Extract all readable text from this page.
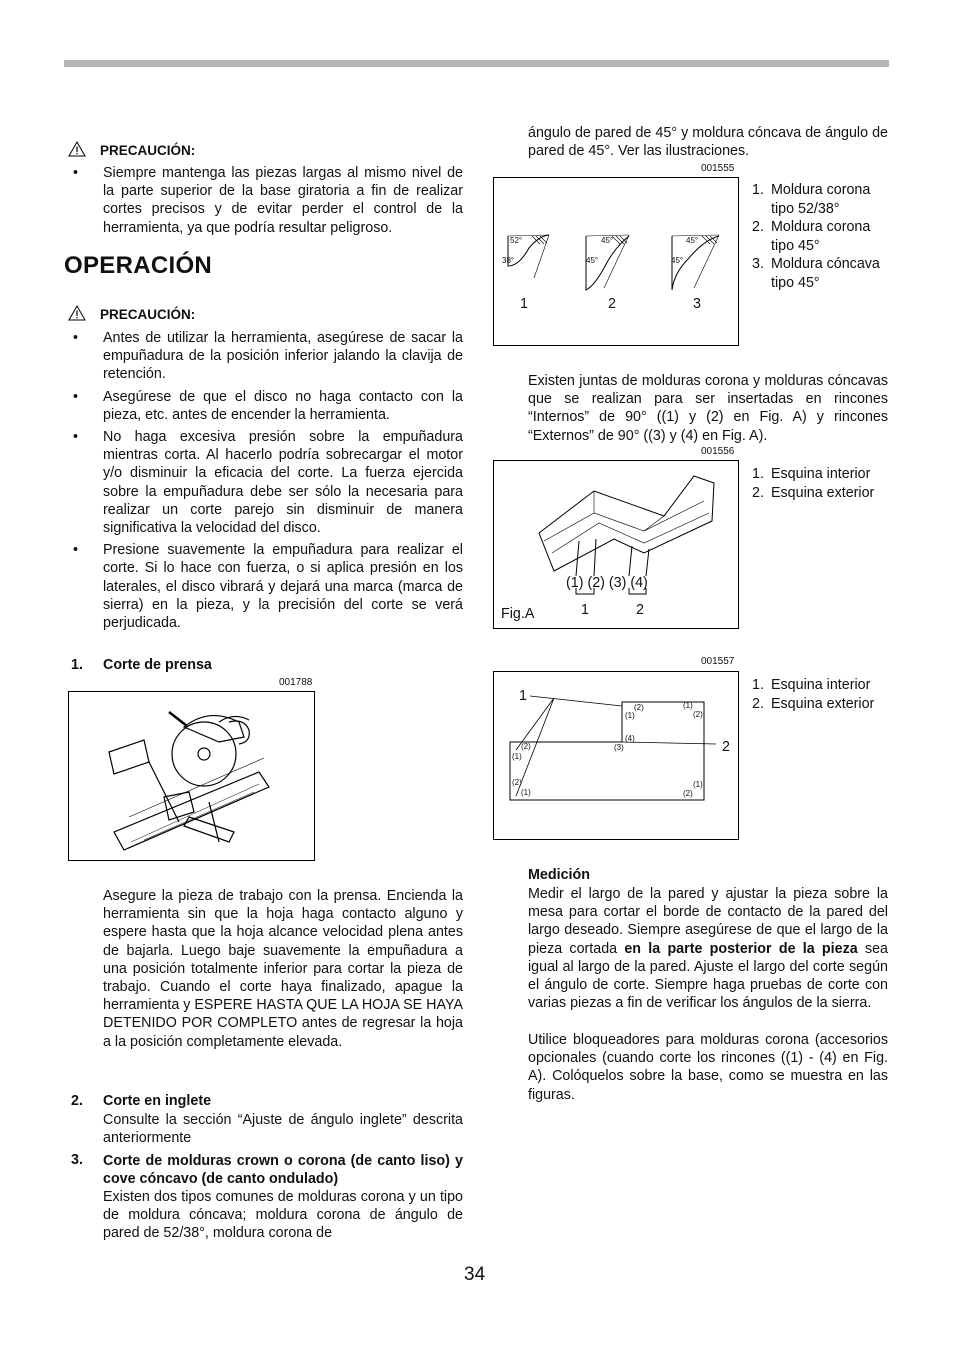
PRECAUCIÓN:
• Siempre mantenga las piezas largas al mismo nivel de la parte superior de la base giratoria a fin de realizar cortes precisos y de evitar perder el control de la herramienta, ya que podría resultar peligroso.
OPERACIÓN
PRECAUCIÓN:
• Antes de utilizar la herramienta, asegúrese de sacar la empuñadura de la posición inferior jalando la clavija de retención.
• Asegúrese de que el disco no haga contacto con la pieza, etc. antes de encender la herramienta.
• No haga excesiva presión sobre la empuñadura mientras corta. Al hacerlo podría sobrecargar el motor y/o disminuir la eficacia del corte. La fuerza ejercida sobre la empuñadura debe ser sólo la necesaria para realizar un corte parejo sin disminuir de manera significativa la velocidad del disco.
• Presione suavemente la empuñadura para realizar el corte. Si lo hace con fuerza, o si aplica presión en los laterales, el disco vibrará y dejará una marca (marca de sierra) en la pieza, y la precisión del corte se verá perjudicada.
1. Corte de prensa
001788
Asegure la pieza de trabajo con la prensa. Encienda la herramienta sin que la hoja haga contacto alguno y espere hasta que la hoja alcance velocidad plena antes de bajarla. Luego baje suavemente la empuñadura a una posición totalmente inferior para cortar la pieza de trabajo. Cuando el corte haya finalizado, apague la herramienta y ESPERE HASTA QUE LA HOJA SE HAYA DETENIDO POR COMPLETO antes de regresar la hoja a la posición completamente elevada.
2. Corte en inglete
Consulte la sección “Ajuste de ángulo inglete” descrita anteriormente
3. Corte de molduras crown o corona (de canto liso) y cove cóncavo (de canto ondulado)
Existen dos tipos comunes de molduras corona y un tipo de moldura cóncava; moldura corona de ángulo de pared de 52/38°, moldura corona de
ángulo de pared de 45° y moldura cóncava de ángulo de pared de 45°. Ver las ilustraciones.
001555
52°
38°
45°
45°
45°
45°
1	2	3
1. Moldura corona tipo 52/38°
2. Moldura corona tipo 45°
3. Moldura cóncava tipo 45°
Existen juntas de molduras corona y molduras cóncavas que se realizan para ser insertadas en rincones “Internos” de 90° ((1) y (2) en Fig. A) y rincones “Externos” de 90° ((3) y (4) en Fig. A).
001556
(1) (2) (3) (4)
1	2
Fig.A
1. Esquina interior
2. Esquina exterior
001557
1
2
(2)
(1)
(1)
(2)
(4)
(3)
(2)
(1)
(2)
(1)
(1)
(2)
1. Esquina interior
2. Esquina exterior
Medición
Medir el largo de la pared y ajustar la pieza sobre la mesa para cortar el borde de contacto de la pared del largo deseado. Siempre asegúrese de que el largo de la pieza cortada en la parte posterior de la pieza sea igual al largo de la pared. Ajuste el largo del corte según el ángulo de corte. Siempre haga pruebas de corte con varias piezas a fin de verificar los ángulos de la sierra.
Utilice bloqueadores para molduras corona (accesorios opcionales (cuando corte los rincones ((1) - (4) en Fig. A). Colóquelos sobre la base, como se muestra en las figuras.
34
